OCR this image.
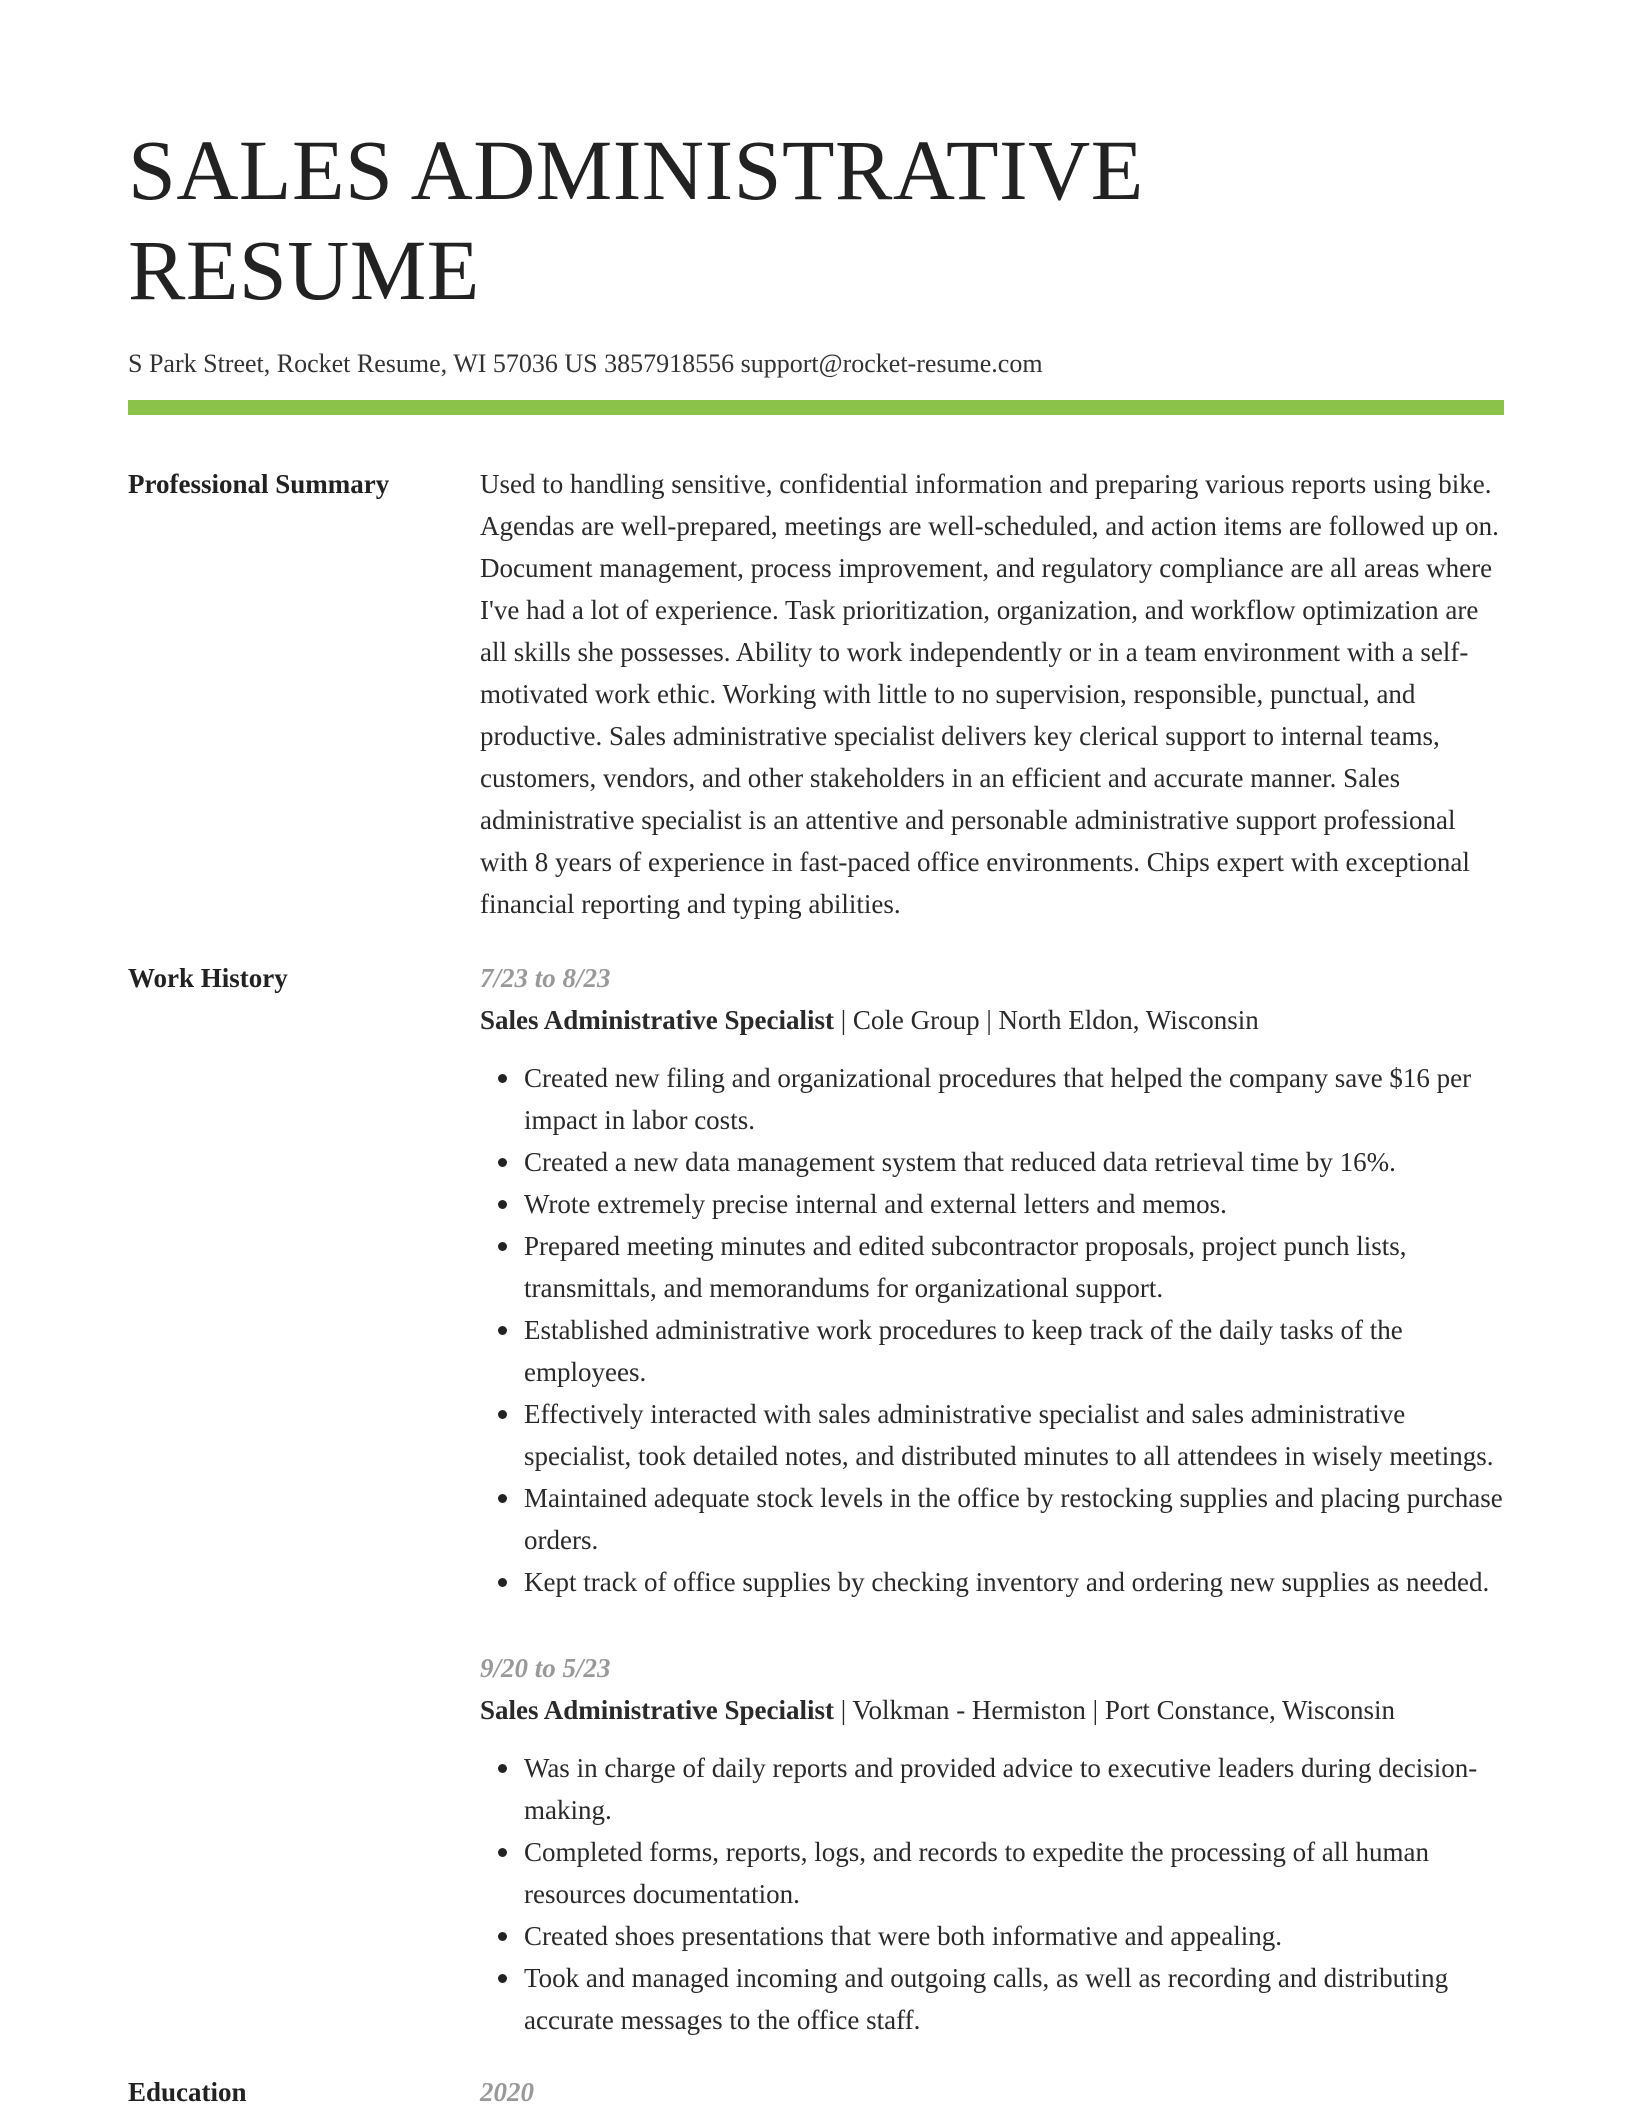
SALES ADMINISTRATIVE RESUME
S Park Street, Rocket Resume, WI 57036 US 3857918556 support@rocket-resume.com
Professional Summary	Used to handling sensitive, confidential information and preparing various reports using bike. Agendas are well-prepared, meetings are well-scheduled, and action items are followed up on. Document management, process improvement, and regulatory compliance are all areas where I've had a lot of experience. Task prioritization, organization, and workflow optimization are all skills she possesses. Ability to work independently or in a team environment with a self-motivated work ethic. Working with little to no supervision, responsible, punctual, and productive. Sales administrative specialist delivers key clerical support to internal teams, customers, vendors, and other stakeholders in an efficient and accurate manner. Sales administrative specialist is an attentive and personable administrative support professional with 8 years of experience in fast-paced office environments. Chips expert with exceptional financial reporting and typing abilities.
Work History	7/23 to 8/23
Sales Administrative Specialist | Cole Group | North Eldon, Wisconsin
Created new filing and organizational procedures that helped the company save $16 per impact in labor costs.
Created a new data management system that reduced data retrieval time by 16%.
Wrote extremely precise internal and external letters and memos.
Prepared meeting minutes and edited subcontractor proposals, project punch lists, transmittals, and memorandums for organizational support.
Established administrative work procedures to keep track of the daily tasks of the employees.
Effectively interacted with sales administrative specialist and sales administrative specialist, took detailed notes, and distributed minutes to all attendees in wisely meetings.
Maintained adequate stock levels in the office by restocking supplies and placing purchase orders.
Kept track of office supplies by checking inventory and ordering new supplies as needed.
9/20 to 5/23
Sales Administrative Specialist | Volkman - Hermiston | Port Constance, Wisconsin
Was in charge of daily reports and provided advice to executive leaders during decision-making.
Completed forms, reports, logs, and records to expedite the processing of all human resources documentation.
Created shoes presentations that were both informative and appealing.
Took and managed incoming and outgoing calls, as well as recording and distributing accurate messages to the office staff.
Education	2020
